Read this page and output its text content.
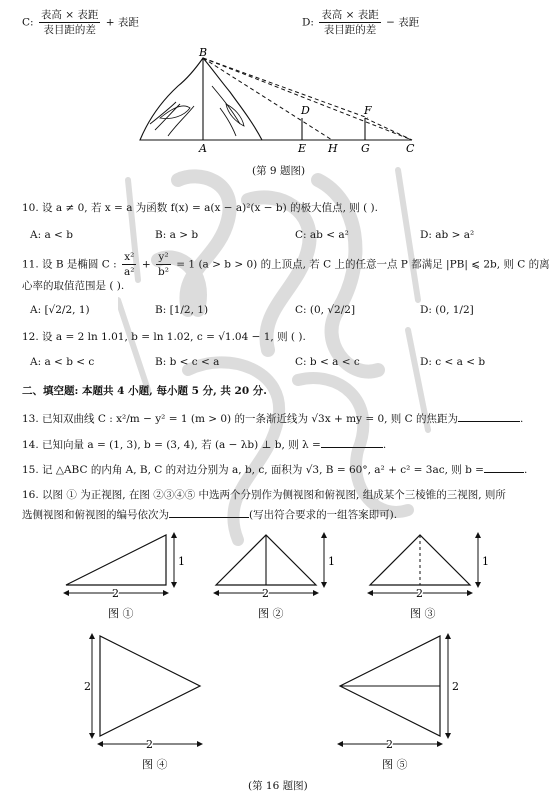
C: $\frac{\text{表高 × 表距}}{\text{表目距的差}}$ + 表距	D: $\frac{\text{表高 × 表距}}{\text{表目距的差}}$ − 表距
B
D	F
A	E H G	C
(第 9 题图)
10. 设 a ≠ 0, 若 x = a 为函数 f(x) = a(x − a)²(x − b) 的极大值点, 则 ( ).
A: a < b	B: a > b	C: ab < a²	D: ab > a²
11. 设 B 是椭圆 C : $\frac{\text{x²}}{\text{a²}} + \frac{\text{y²}}{\text{b²}} = 1$ (a > b > 0) 的上顶点, 若 C 上的任意一点 P 都满足 |PB| ⩽ 2b, 则 C 的离
心率的取值范围是 ( ).
A: [√2/2, 1)	B: [1/2, 1)	C: (0, √2/2]	D: (0, 1/2]
12. 设 a = 2 ln 1.01, b = ln 1.02, c = √1.04 − 1, 则 ( ).
A: a < b < c	B: b < c < a	C: b < a < c	D: c < a < b
二、填空题: 本题共 4 小题, 每小题 5 分, 共 20 分.
13. 已知双曲线 C : x²/m − y² = 1 (m > 0) 的一条渐近线为 √3x + my = 0, 则 C 的焦距为	.
14. 已知向量 a = (1, 3), b = (3, 4), 若 (a − λb) ⊥ b, 则 λ =	.
15. 记 △ABC 的内角 A, B, C 的对边分别为 a, b, c, 面积为 √3, B = 60°, a² + c² = 3ac, 则 b =	.
16. 以图 ① 为正视图, 在图 ②③④⑤ 中选两个分别作为侧视图和俯视图, 组成某个三棱锥的三视图, 则所
选侧视图和俯视图的编号依次为	(写出符合要求的一组答案即可).
1
2
1
2
1
2
图 ①	图 ②	图 ③
2
2
2
2
图 ④	图 ⑤
(第 16 题图)
